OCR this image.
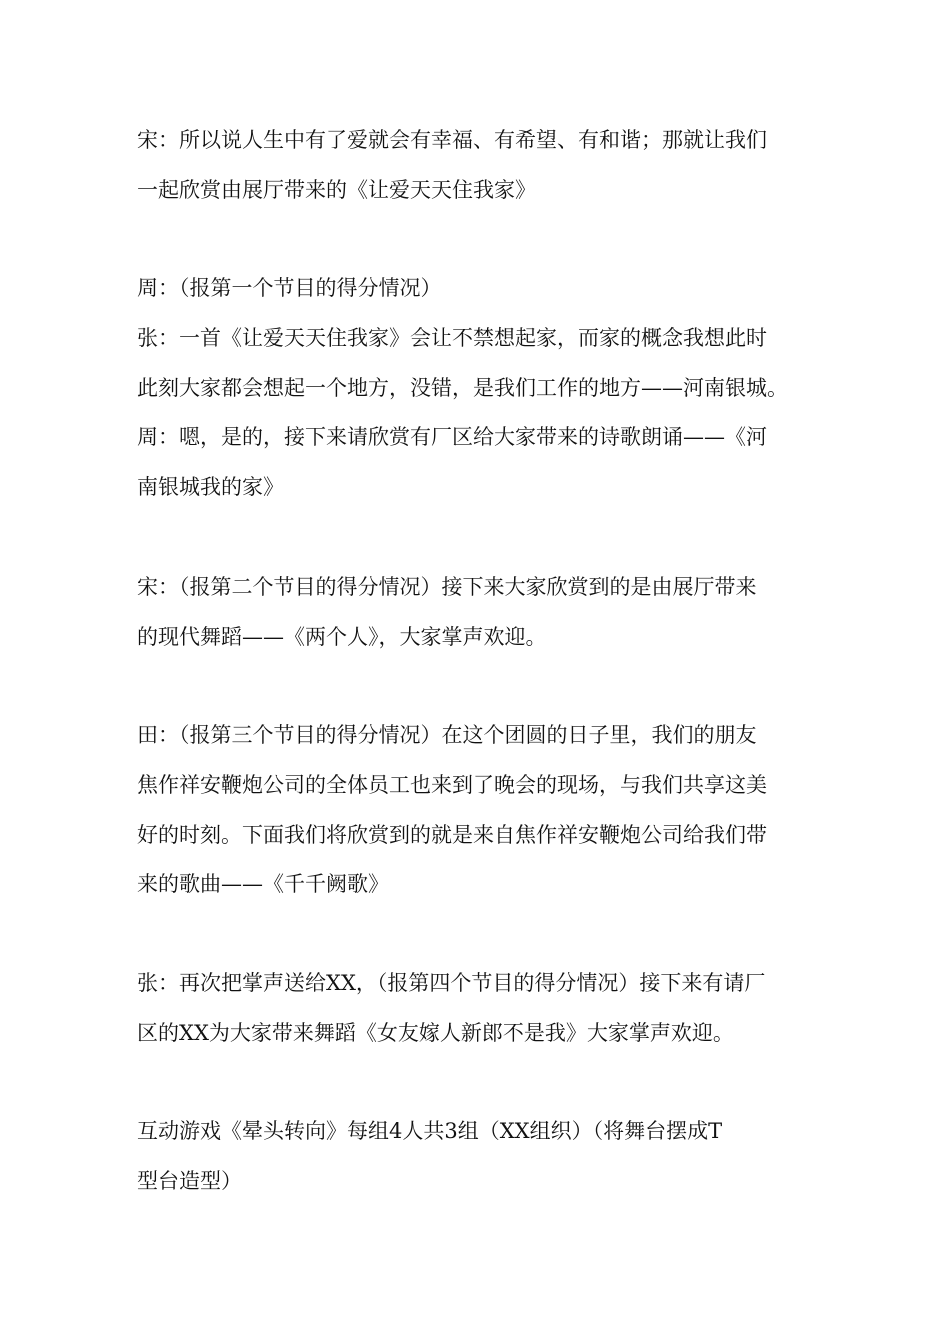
宋：所以说人生中有了爱就会有幸福、有希望、有和谐；那就让我们
一起欣赏由展厅带来的《让爱天天住我家》
周：（报第一个节目的得分情况）
张：一首《让爱天天住我家》会让不禁想起家，而家的概念我想此时
此刻大家都会想起一个地方，没错，是我们工作的地方——河南银城。
周：嗯，是的，接下来请欣赏有厂区给大家带来的诗歌朗诵——《河
南银城我的家》
宋：（报第二个节目的得分情况）接下来大家欣赏到的是由展厅带来
的现代舞蹈——《两个人》，大家掌声欢迎。
田：（报第三个节目的得分情况）在这个团圆的日子里，我们的朋友
焦作祥安鞭炮公司的全体员工也来到了晚会的现场，与我们共享这美
好的时刻。下面我们将欣赏到的就是来自焦作祥安鞭炮公司给我们带
来的歌曲——《千千阙歌》
张：再次把掌声送给XX，（报第四个节目的得分情况）接下来有请厂
区的XX为大家带来舞蹈《女友嫁人新郎不是我》大家掌声欢迎。
互动游戏《晕头转向》每组4人共3组（XX组织）（将舞台摆成T
型台造型）
